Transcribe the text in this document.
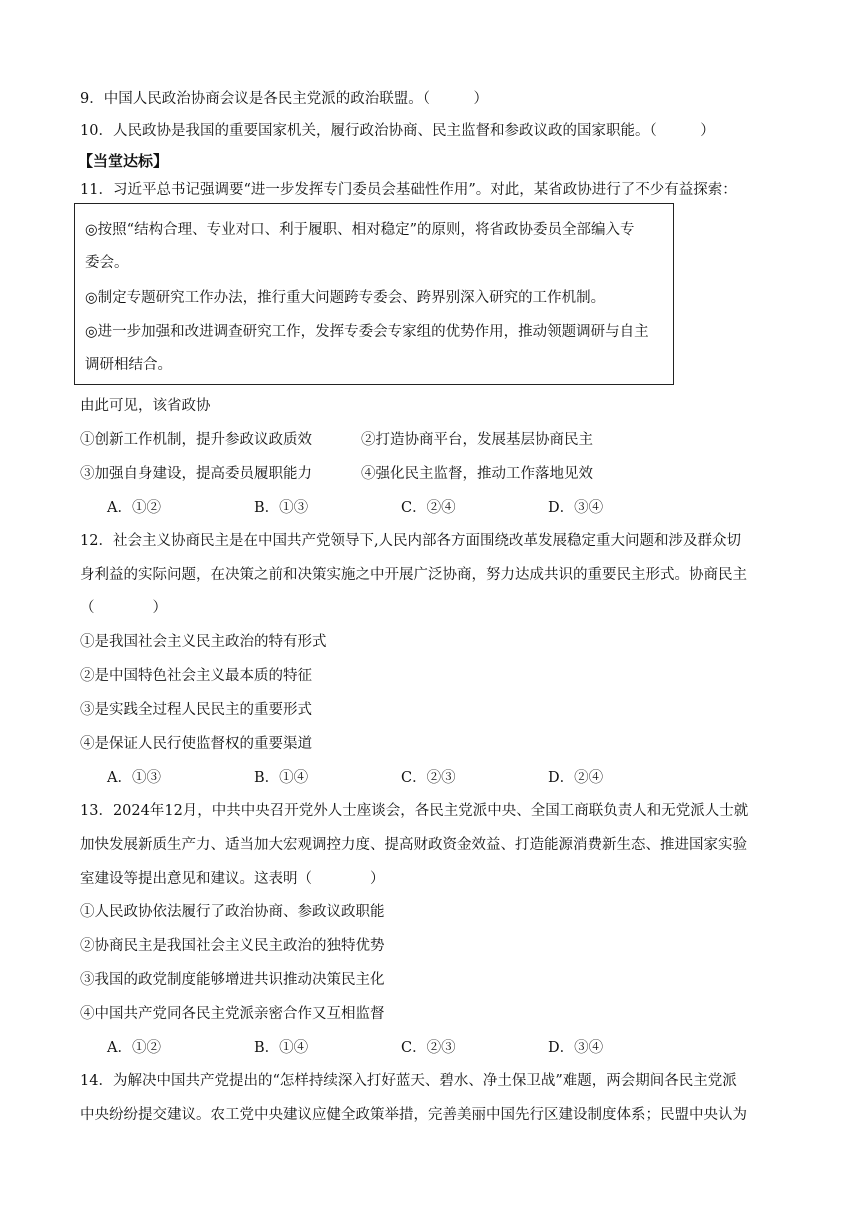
9．中国人民政治协商会议是各民主党派的政治联盟。（　　　）
10．人民政协是我国的重要国家机关，履行政治协商、民主监督和参政议政的国家职能。（　　　）
【当堂达标】
11．习近平总书记强调要“进一步发挥专门委员会基础性作用”。对此，某省政协进行了不少有益探索：
◎按照“结构合理、专业对口、利于履职、相对稳定”的原则，将省政协委员全部编入专
委会。
◎制定专题研究工作办法，推行重大问题跨专委会、跨界别深入研究的工作机制。
◎进一步加强和改进调查研究工作，发挥专委会专家组的优势作用，推动领题调研与自主
调研相结合。
由此可见，该省政协
①创新工作机制，提升参政议政质效	②打造协商平台，发展基层协商民主
③加强自身建设，提高委员履职能力	④强化民主监督，推动工作落地见效
A．①②	B．①③	C．②④	D．③④
12．社会主义协商民主是在中国共产党领导下,人民内部各方面围绕改革发展稳定重大问题和涉及群众切
身利益的实际问题，在决策之前和决策实施之中开展广泛协商，努力达成共识的重要民主形式。协商民主
（　　　　）
①是我国社会主义民主政治的特有形式
②是中国特色社会主义最本质的特征
③是实践全过程人民民主的重要形式
④是保证人民行使监督权的重要渠道
A．①③	B．①④	C．②③	D．②④
13．2024年12月，中共中央召开党外人士座谈会，各民主党派中央、全国工商联负责人和无党派人士就
加快发展新质生产力、适当加大宏观调控力度、提高财政资金效益、打造能源消费新生态、推进国家实验
室建设等提出意见和建议。这表明（　　　　）
①人民政协依法履行了政治协商、参政议政职能
②协商民主是我国社会主义民主政治的独特优势
③我国的政党制度能够增进共识推动决策民主化
④中国共产党同各民主党派亲密合作又互相监督
A．①②	B．①④	C．②③	D．③④
14．为解决中国共产党提出的“怎样持续深入打好蓝天、碧水、净土保卫战”难题，两会期间各民主党派
中央纷纷提交建议。农工党中央建议应健全政策举措，完善美丽中国先行区建设制度体系；民盟中央认为
